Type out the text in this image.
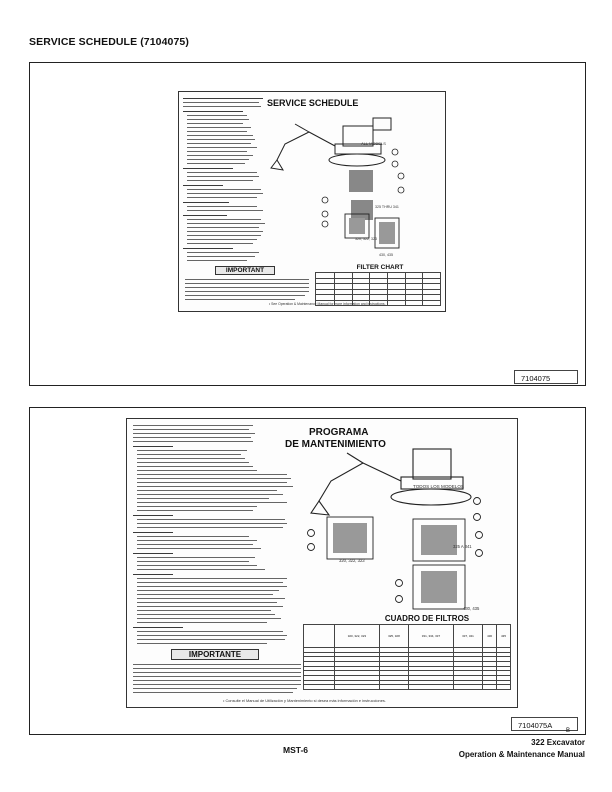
SERVICE SCHEDULE (7104075)
SERVICE SCHEDULE
ALL MODELS
325 THRU 341
320, 322, 323
430, 435
FILTER CHART

IMPORTANT
• See Operation & Maintenance Manual for more information and instructions.
7104075
PROGRAMA
DE MANTENIMIENTO
TODOS LOS MODELOS
325 A 341
320, 322, 323
430, 435
CUADRO DE FILTROS
	320, 322, 323	325, 328	331, 334, 337	337, 341	430	435

IMPORTANTE
• Consulte el Manual de Utilización y Mantenimiento si desea más información e instrucciones.
7104075A
B
MST-6
322 Excavator
Operation & Maintenance Manual
